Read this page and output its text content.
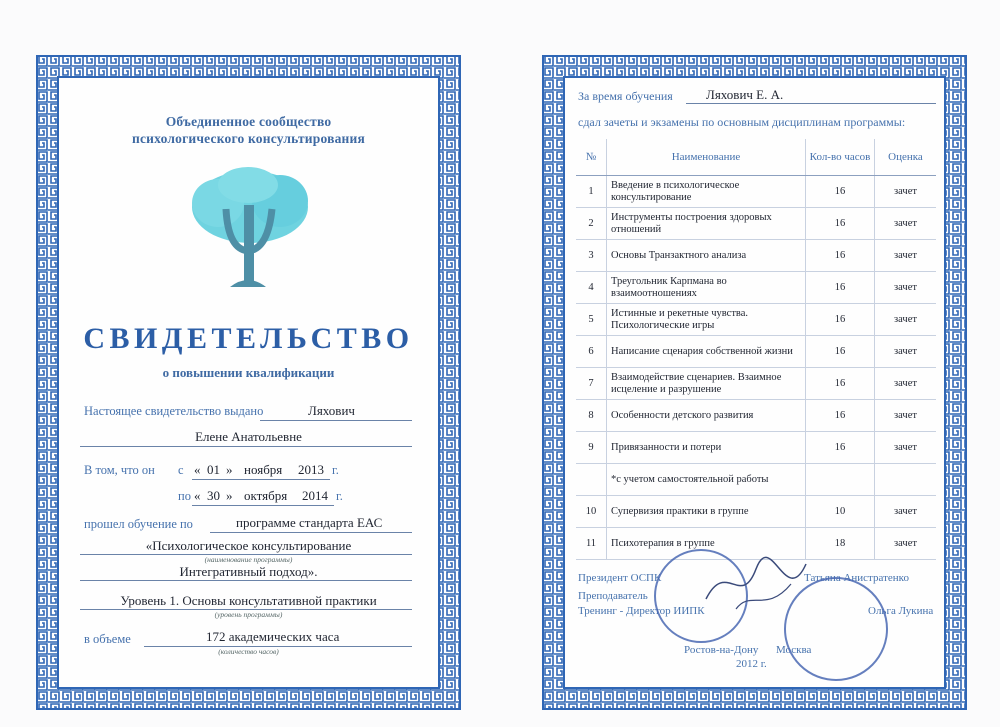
Объединенное сообщество
психологического консультирования
СВИДЕТЕЛЬСТВО
о повышении квалификации
Настоящее свидетельство выдано	Ляхович
Елене Анатольевне
В том, что он с « 01 » ноября 2013 г.
по « 30 » октября 2014 г.
прошел обучение по	программе стандарта ЕАС
«Психологическое консультирование
(наименование программы)
Интегративный подход».
Уровень 1. Основы консультативной практики
(уровень программы)
в объеме	172 академических часа
(количество часов)
За время обучения	Ляхович Е. А.
сдал зачеты и экзамены по основным дисциплинам программы:
№	Наименование	Кол-во часов	Оценка
1	Введение в психологическое консультирование	16	зачет
2	Инструменты построения здоровых отношений	16	зачет
3	Основы Транзактного анализа	16	зачет
4	Треугольник Карпмана во взаимоотношениях	16	зачет
5	Истинные и рекетные чувства. Психологические игры	16	зачет
6	Написание сценария собственной жизни	16	зачет
7	Взаимодействие сценариев. Взаимное исцеление и разрушение	16	зачет
8	Особенности детского развития	16	зачет
9	Привязанности и потери	16	зачет
	*с учетом самостоятельной работы		
10	Супервизия практики в группе	10	зачет
11	Психотерапия в группе	18	зачет
Президент ОСПК	Татьяна Анистратенко
Преподаватель
Тренинг - Директор ИИПК	Ольга Лукина
Ростов-на-Дону Москва
2012 г.
